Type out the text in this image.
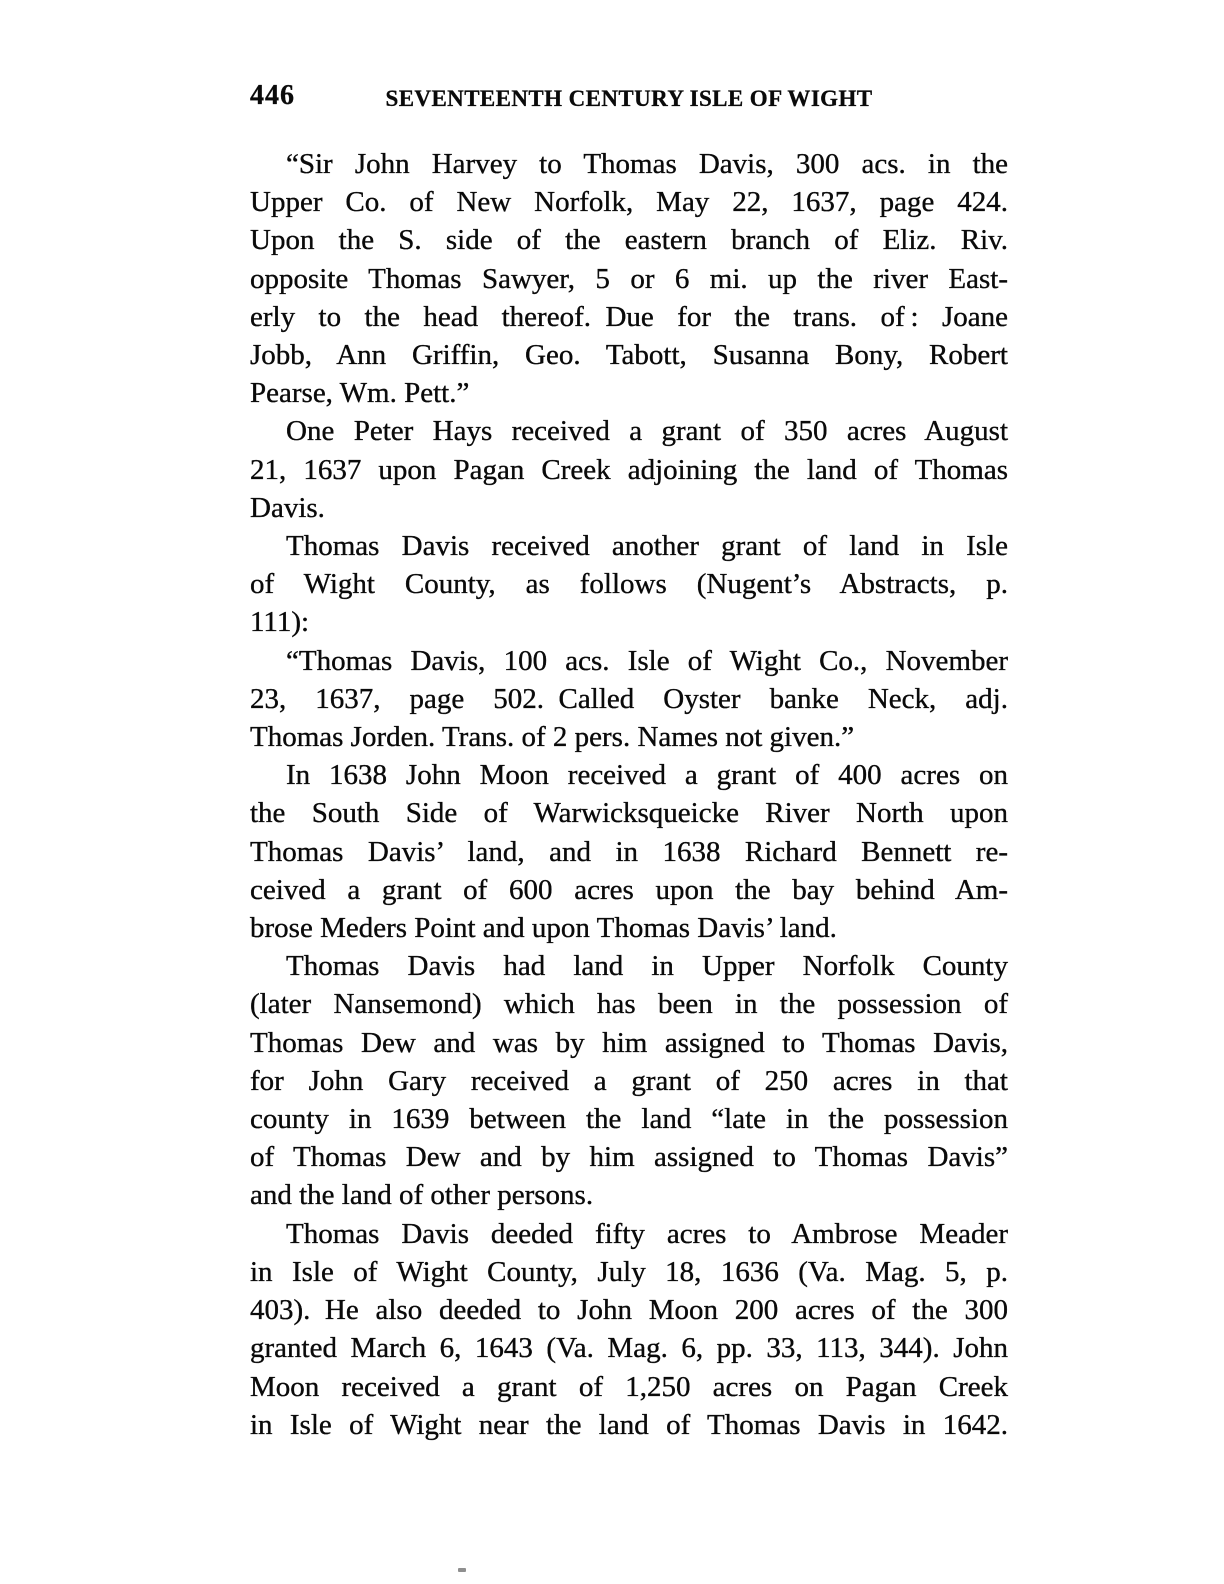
446	SEVENTEENTH CENTURY ISLE OF WIGHT
“Sir John Harvey to Thomas Davis, 300 acs. in the
Upper Co. of New Norfolk, May 22, 1637, page 424.
Upon the S. side of the eastern branch of Eliz. Riv.
opposite Thomas Sawyer, 5 or 6 mi. up the river East-
erly to the head thereof. Due for the trans. of : Joane
Jobb, Ann Griffin, Geo. Tabott, Susanna Bony, Robert
Pearse, Wm. Pett.”
One Peter Hays received a grant of 350 acres August
21, 1637 upon Pagan Creek adjoining the land of Thomas
Davis.
Thomas Davis received another grant of land in Isle
of Wight County, as follows (Nugent’s Abstracts, p.
111):
“Thomas Davis, 100 acs. Isle of Wight Co., November
23, 1637, page 502. Called Oyster banke Neck, adj.
Thomas Jorden. Trans. of 2 pers. Names not given.”
In 1638 John Moon received a grant of 400 acres on
the South Side of Warwicksqueicke River North upon
Thomas Davis’ land, and in 1638 Richard Bennett re-
ceived a grant of 600 acres upon the bay behind Am-
brose Meders Point and upon Thomas Davis’ land.
Thomas Davis had land in Upper Norfolk County
(later Nansemond) which has been in the possession of
Thomas Dew and was by him assigned to Thomas Davis,
for John Gary received a grant of 250 acres in that
county in 1639 between the land “late in the possession
of Thomas Dew and by him assigned to Thomas Davis”
and the land of other persons.
Thomas Davis deeded fifty acres to Ambrose Meader
in Isle of Wight County, July 18, 1636 (Va. Mag. 5, p.
403). He also deeded to John Moon 200 acres of the 300
granted March 6, 1643 (Va. Mag. 6, pp. 33, 113, 344). John
Moon received a grant of 1,250 acres on Pagan Creek
in Isle of Wight near the land of Thomas Davis in 1642.
